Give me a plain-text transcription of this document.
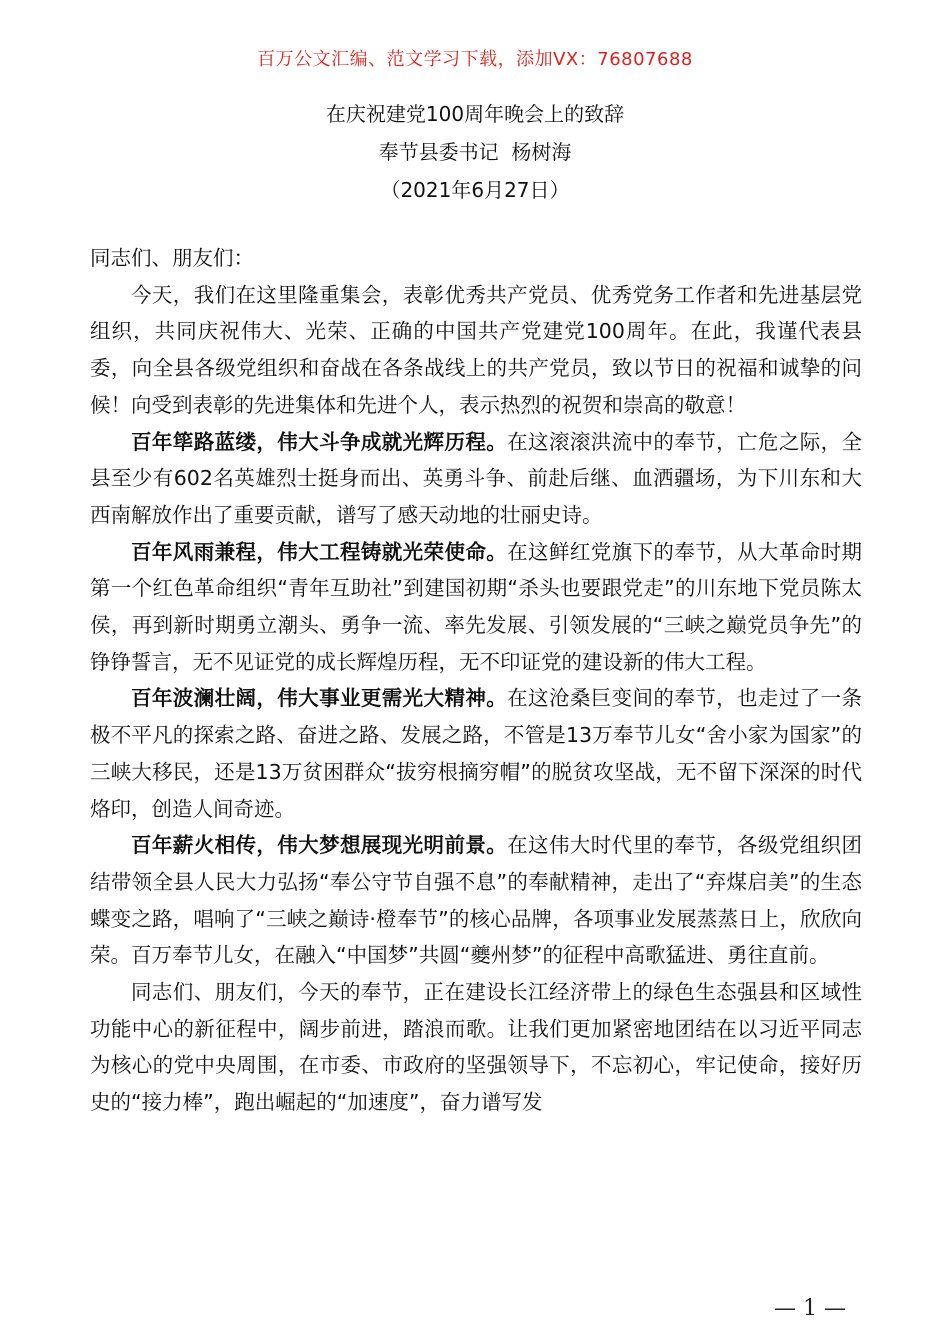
百万公文汇编、范文学习下载，添加VX：76807688
在庆祝建党100周年晚会上的致辞
奉节县委书记  杨树海
（2021年6月27日）

同志们、朋友们：

今天，我们在这里隆重集会，表彰优秀共产党员、优秀党务工作者和先进基层党组织，共同庆祝伟大、光荣、正确的中国共产党建党100周年。在此，我谨代表县委，向全县各级党组织和奋战在各条战线上的共产党员，致以节日的祝福和诚挚的问候！向受到表彰的先进集体和先进个人，表示热烈的祝贺和崇高的敬意！

百年筚路蓝缕，伟大斗争成就光辉历程。在这滚滚洪流中的奉节，亡危之际，全县至少有602名英雄烈士挺身而出、英勇斗争、前赴后继、血洒疆场，为下川东和大西南解放作出了重要贡献，谱写了感天动地的壮丽史诗。

百年风雨兼程，伟大工程铸就光荣使命。在这鲜红党旗下的奉节，从大革命时期第一个红色革命组织“青年互助社”到建国初期“杀头也要跟党走”的川东地下党员陈太侯，再到新时期勇立潮头、勇争一流、率先发展、引领发展的“三峡之巅党员争先”的铮铮誓言，无不见证党的成长辉煌历程，无不印证党的建设新的伟大工程。

百年波澜壮阔，伟大事业更需光大精神。在这沧桑巨变间的奉节，也走过了一条极不平凡的探索之路、奋进之路、发展之路，不管是13万奉节儿女“舍小家为国家”的三峡大移民，还是13万贫困群众“拔穷根摘穷帽”的脱贫攻坚战，无不留下深深的时代烙印，创造人间奇迹。

百年薪火相传，伟大梦想展现光明前景。在这伟大时代里的奉节，各级党组织团结带领全县人民大力弘扬“奉公守节自强不息”的奉献精神，走出了“弃煤启美”的生态蝶变之路，唱响了“三峡之巅诗·橙奉节”的核心品牌，各项事业发展蒸蒸日上，欣欣向荣。百万奉节儿女，在融入“中国梦”共圆“夔州梦”的征程中高歌猛进、勇往直前。

同志们、朋友们，今天的奉节，正在建设长江经济带上的绿色生态强县和区域性功能中心的新征程中，阔步前进，踏浪而歌。让我们更加紧密地团结在以习近平同志为核心的党中央周围，在市委、市政府的坚强领导下，不忘初心，牢记使命，接好历史的“接力棒”，跑出崛起的“加速度”，奋力谱写发

— 1 —
